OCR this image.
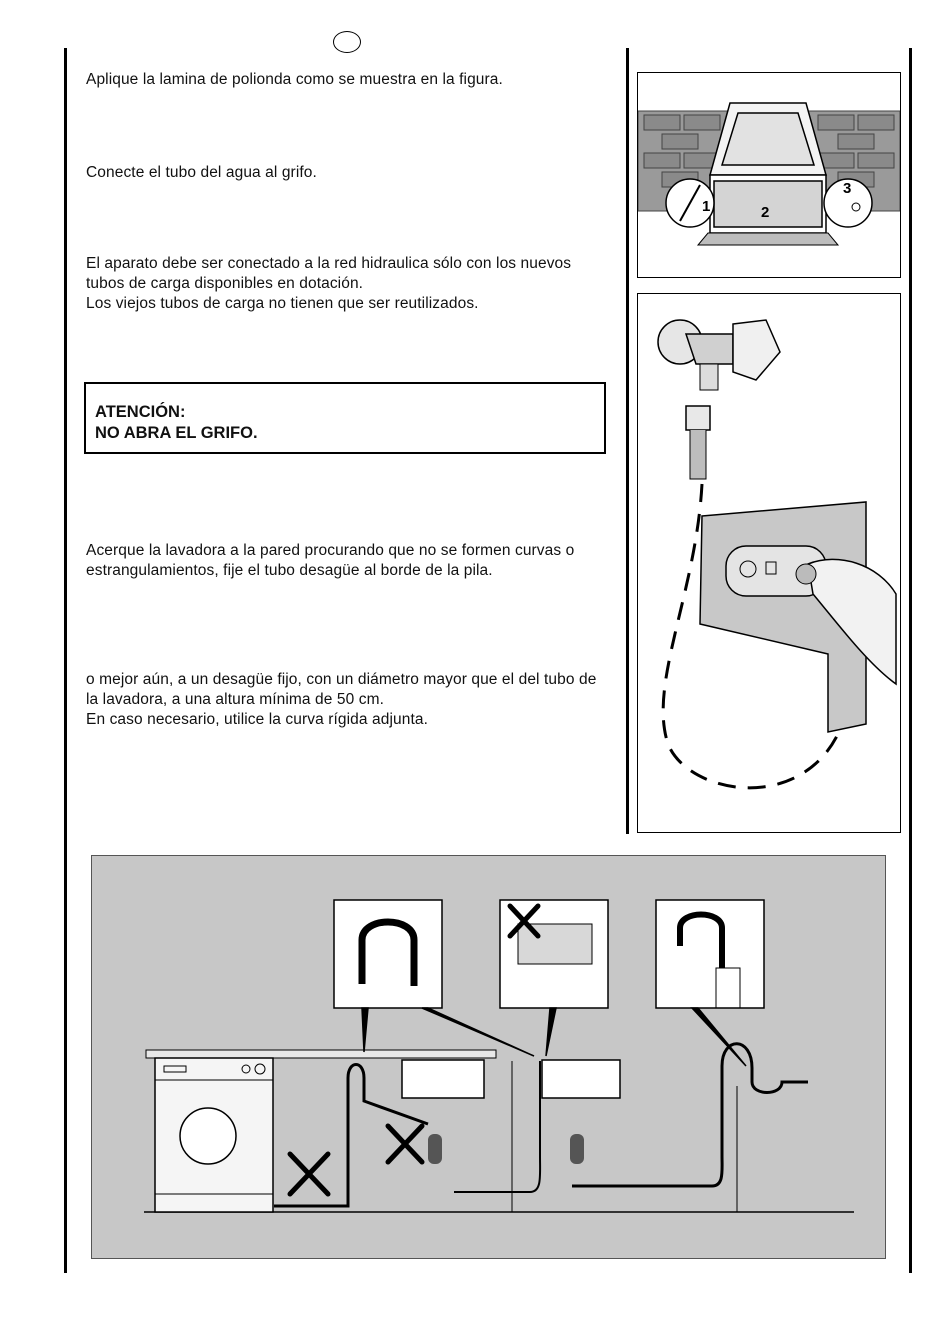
Aplique la lamina de polionda como se muestra en la figura.
Conecte el tubo del agua al grifo.
El aparato debe ser conectado a la red hidraulica sólo con los nuevos tubos de carga disponibles en dotación.
Los viejos tubos de carga no tienen que ser reutilizados.
ATENCIÓN:
NO ABRA EL GRIFO.
Acerque la lavadora a la pared procurando que no se formen curvas o estrangulamientos, fije el tubo desagüe al borde de la pila.
o mejor aún, a un desagüe fijo, con un diámetro mayor que el del tubo de la lavadora, a una altura mínima de 50 cm.
En caso necesario, utilice la curva rígida adjunta.
1	2
3
